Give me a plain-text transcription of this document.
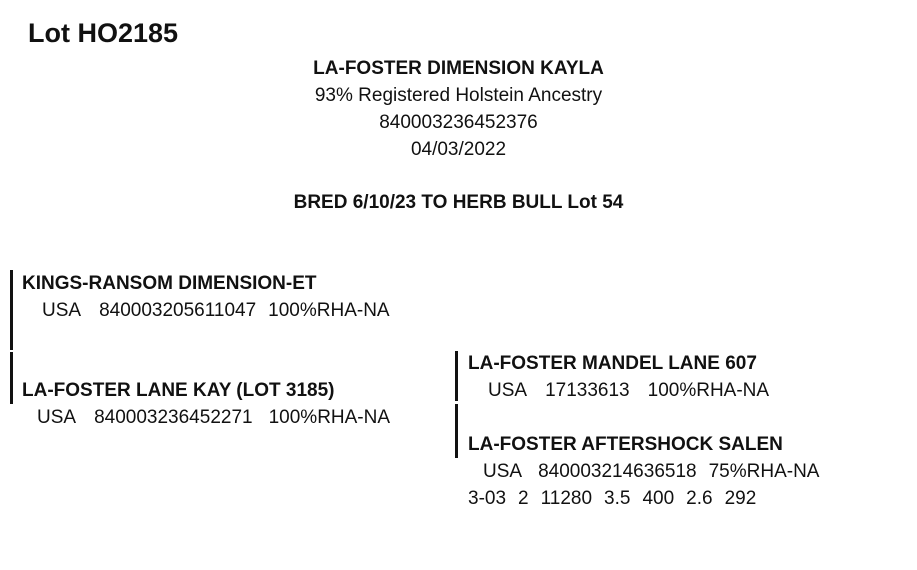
Lot HO2185
LA-FOSTER DIMENSION KAYLA
93% Registered Holstein Ancestry
840003236452376
04/03/2022
BRED 6/10/23 TO HERB BULL Lot 54
KINGS-RANSOM DIMENSION-ET
USA 840003205611047 100%RHA-NA
LA-FOSTER LANE KAY (LOT 3185)
USA 840003236452271 100%RHA-NA
LA-FOSTER MANDEL LANE 607
USA 17133613 100%RHA-NA
LA-FOSTER AFTERSHOCK SALEN
USA 840003214636518 75%RHA-NA
3-03 2 11280 3.5 400 2.6 292
